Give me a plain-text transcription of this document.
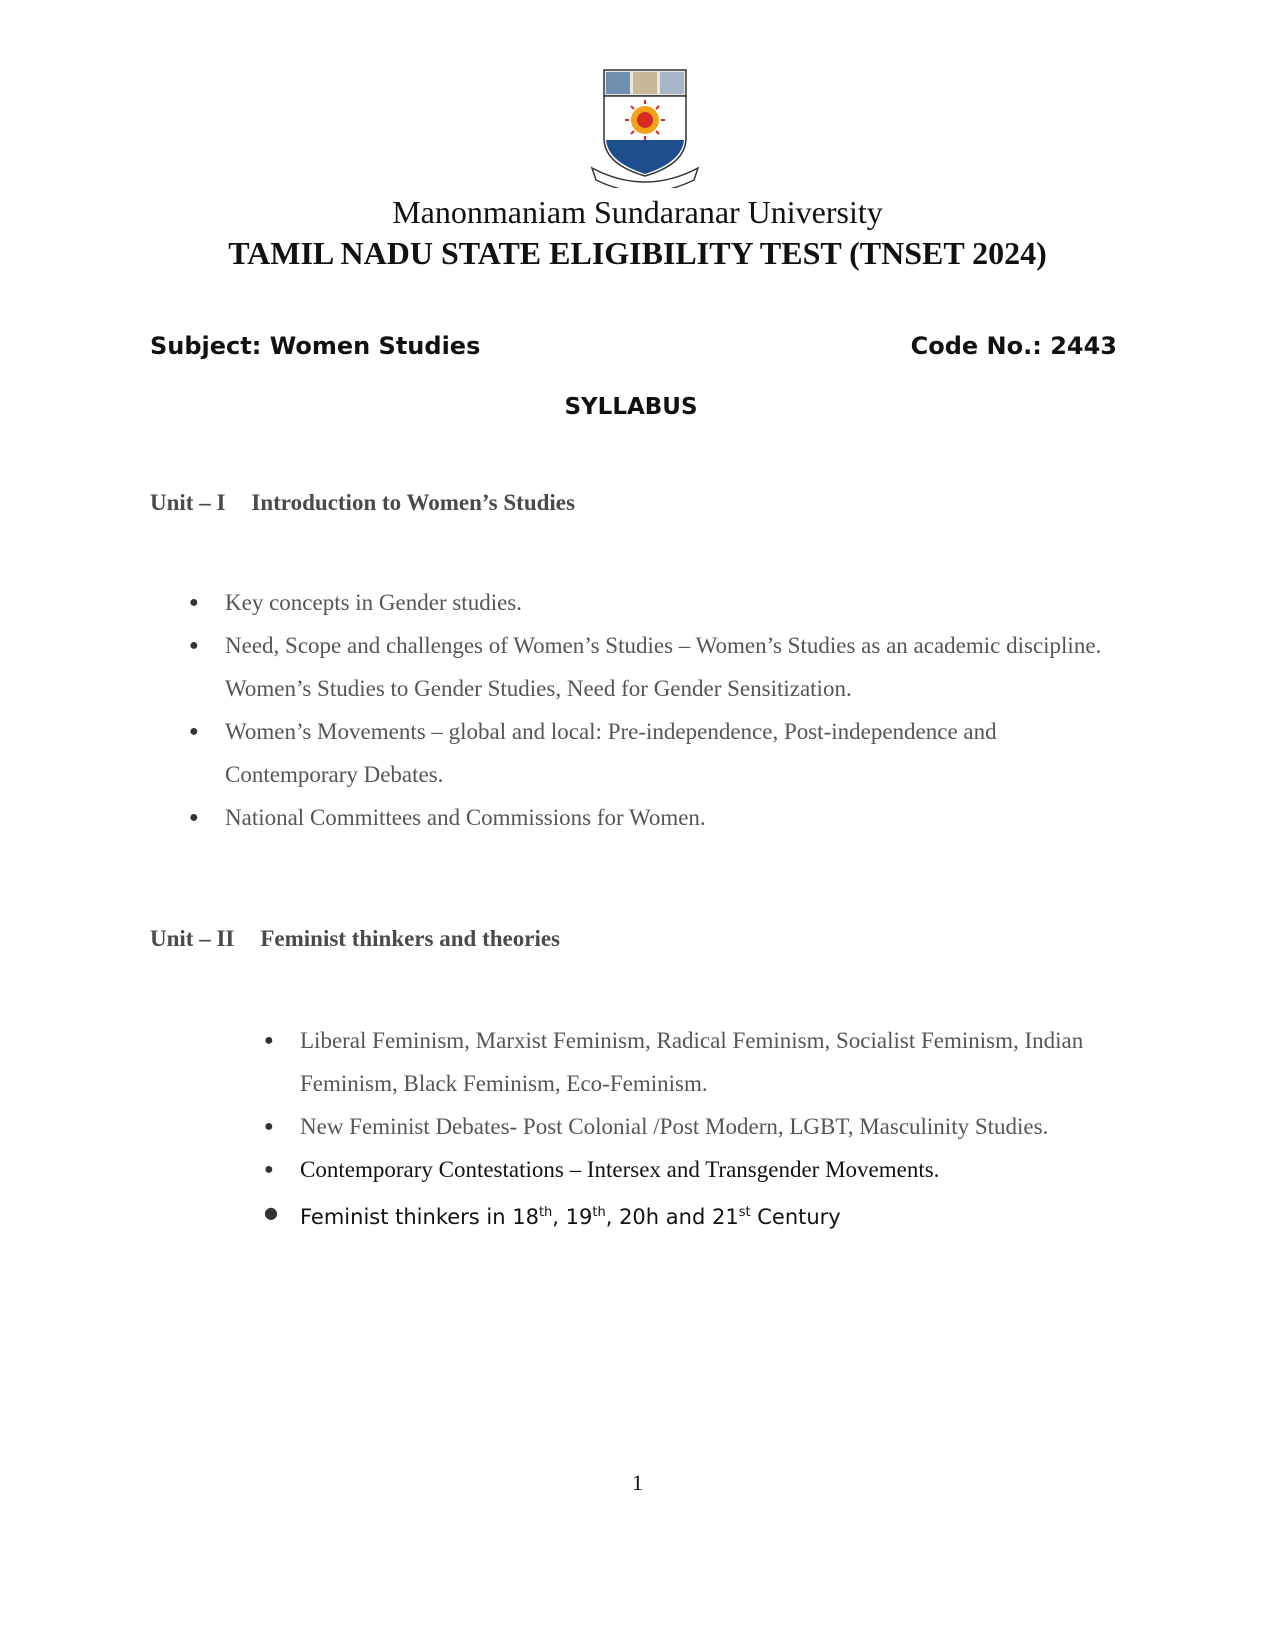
Manonmaniam Sundaranar University
TAMIL NADU STATE ELIGIBILITY TEST (TNSET 2024)
Subject: Women Studies	Code No.: 2443
SYLLABUS
Unit – I Introduction to Women’s Studies
● Key concepts in Gender studies.
● Need, Scope and challenges of Women’s Studies – Women’s Studies as an academic discipline. Women’s Studies to Gender Studies, Need for Gender Sensitization.
● Women’s Movements – global and local: Pre-independence, Post-independence and Contemporary Debates.
● National Committees and Commissions for Women.
Unit – II Feminist thinkers and theories
● Liberal Feminism, Marxist Feminism, Radical Feminism, Socialist Feminism, Indian Feminism, Black Feminism, Eco-Feminism.
● New Feminist Debates- Post Colonial /Post Modern, LGBT, Masculinity Studies.
● Contemporary Contestations – Intersex and Transgender Movements.
● Feminist thinkers in 18th, 19th, 20h and 21st Century
1
